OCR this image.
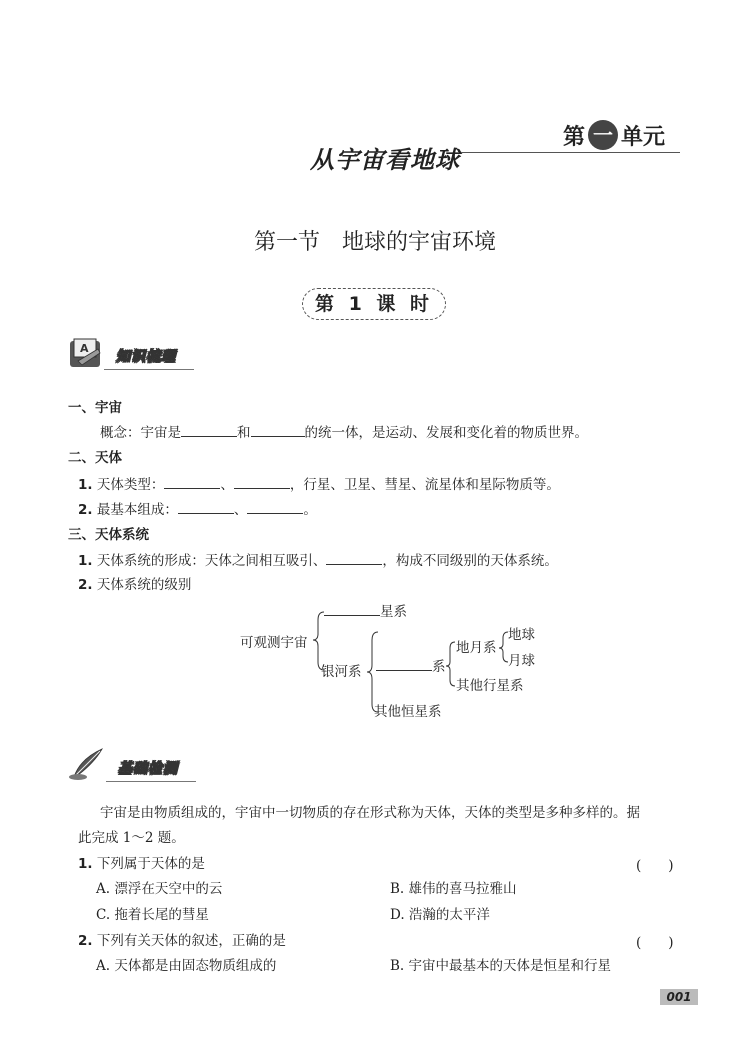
从宇宙看地球
第 一 单元
第一节　地球的宇宙环境
第 1 课 时
A
知识梳理
一、宇宙
概念：宇宙是	和	的统一体，是运动、发展和变化着的物质世界。
二、天体
1. 天体类型：	、	，行星、卫星、彗星、流星体和星际物质等。
2. 最基本组成：	、	。
三、天体系统
1. 天体系统的形成：天体之间相互吸引、	，构成不同级别的天体系统。
2. 天体系统的级别
可观测宇宙
星系
银河系	系
地月系
地球
月球
其他行星系
其他恒星系
基础检测
宇宙是由物质组成的，宇宙中一切物质的存在形式称为天体，天体的类型是多种多样的。据
此完成 1～2 题。
1. 下列属于天体的是	(　　)
A. 漂浮在天空中的云	B. 雄伟的喜马拉雅山
C. 拖着长尾的彗星	D. 浩瀚的太平洋
2. 下列有关天体的叙述，正确的是	(　　)
A. 天体都是由固态物质组成的	B. 宇宙中最基本的天体是恒星和行星
001
